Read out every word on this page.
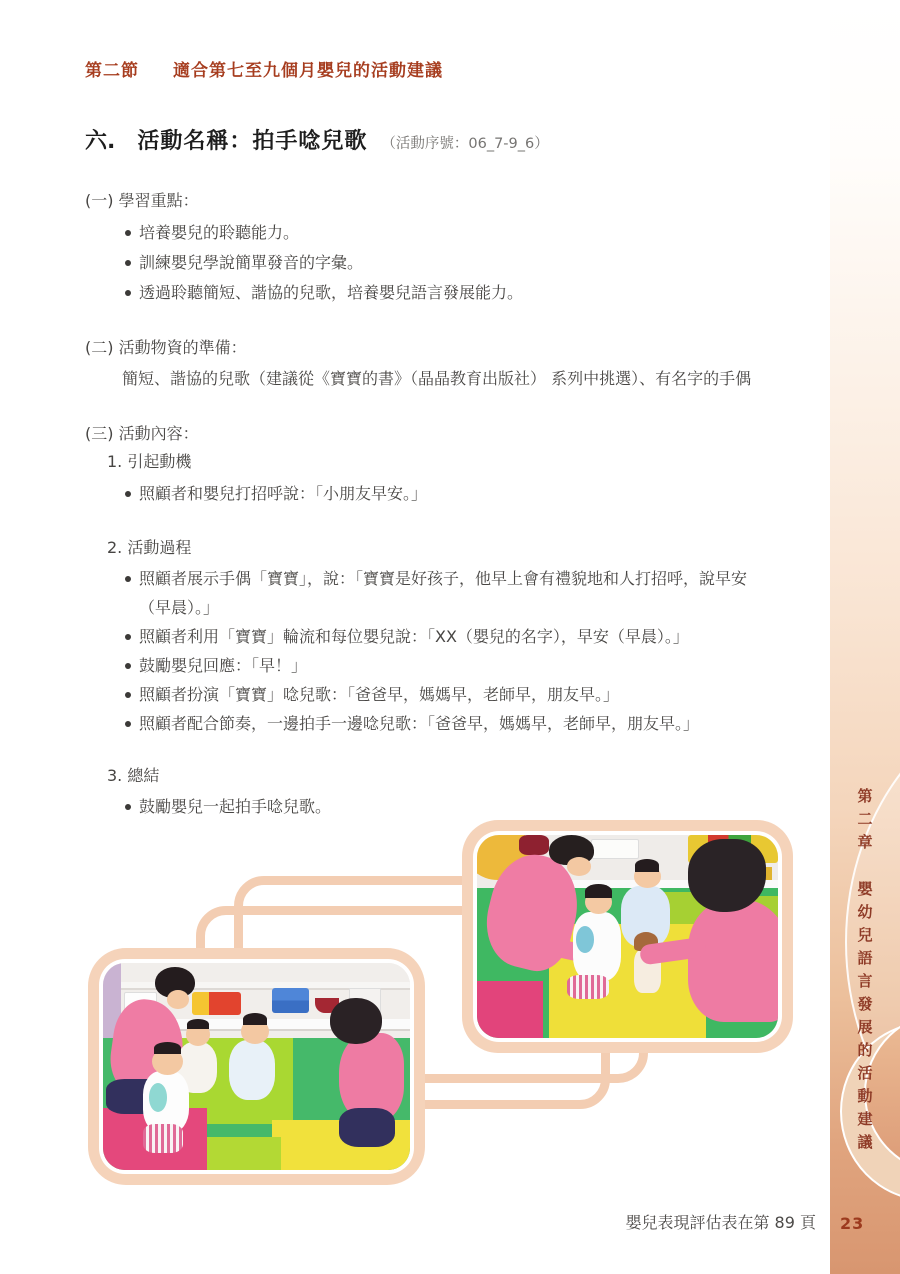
第二節 適合第七至九個月嬰兒的活動建議
六. 活動名稱：拍手唸兒歌 （活動序號：06_7-9_6）
(一) 學習重點：
培養嬰兒的聆聽能力。
訓練嬰兒學說簡單發音的字彙。
透過聆聽簡短、諧協的兒歌，培養嬰兒語言發展能力。
(二) 活動物資的準備：
簡短、諧協的兒歌（建議從《寶寶的書》（晶晶教育出版社） 系列中挑選）、有名字的手偶
(三) 活動內容：
1. 引起動機
照顧者和嬰兒打招呼說：「小朋友早安。」
2. 活動過程
照顧者展示手偶「寶寶」，說：「寶寶是好孩子，他早上會有禮貌地和人打招呼，說早安（早晨）。」
照顧者利用「寶寶」輪流和每位嬰兒說：「XX（嬰兒的名字），早安（早晨）。」
鼓勵嬰兒回應：「早！」
照顧者扮演「寶寶」唸兒歌：「爸爸早，媽媽早，老師早，朋友早。」
照顧者配合節奏，一邊拍手一邊唸兒歌：「爸爸早，媽媽早，老師早，朋友早。」
3. 總結
鼓勵嬰兒一起拍手唸兒歌。
嬰兒表現評估表在第 89 頁
第二章嬰幼兒語言發展的活動建議
23
